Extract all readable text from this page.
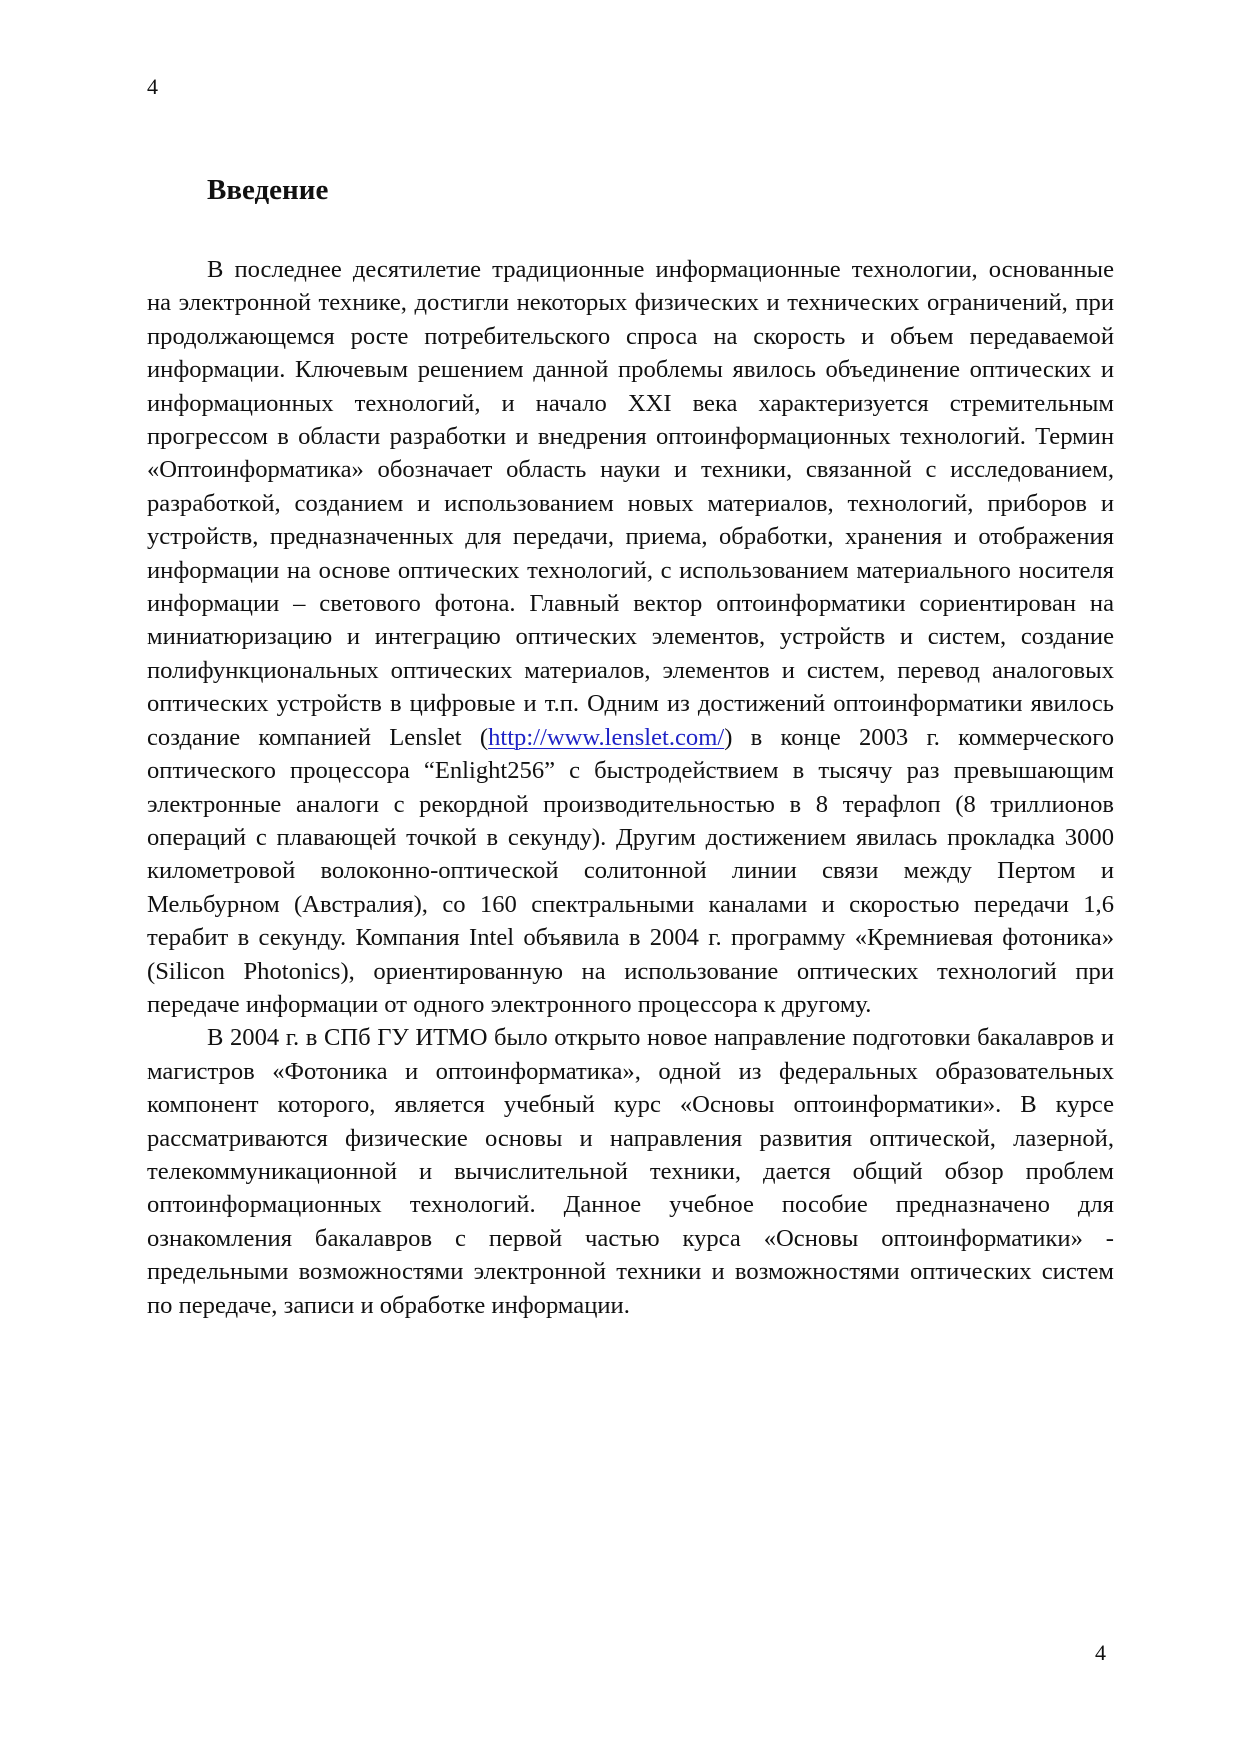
4
Введение

В последнее десятилетие традиционные информационные технологии, основанные на электронной технике, достигли некоторых физических и технических ограничений, при продолжающемся росте потребительского спроса на скорость и объем передаваемой информации. Ключевым решением данной проблемы явилось объединение оптических и информационных технологий, и начало XXI века характеризуется стремительным прогрессом в области разработки и внедрения оптоинформационных технологий. Термин «Оптоинформатика» обозначает область науки и техники, связанной с исследованием, разработкой, созданием и использованием новых материалов, технологий, приборов и устройств, предназначенных для передачи, приема, обработки, хранения и отображения информации на основе оптических технологий, с использованием материального носителя информации – светового фотона. Главный вектор оптоинформатики сориентирован на миниатюризацию и интеграцию оптических элементов, устройств и систем, создание полифункциональных оптических материалов, элементов и систем, перевод аналоговых оптических устройств в цифровые и т.п. Одним из достижений оптоинформатики явилось создание компанией Lenslet (http://www.lenslet.com/) в конце 2003 г. коммерческого оптического процессора “Enlight256” с быстродействием в тысячу раз превышающим электронные аналоги с рекордной производительностью в 8 терафлоп (8 триллионов операций с плавающей точкой в секунду). Другим достижением явилась прокладка 3000 километровой волоконно-оптической солитонной линии связи между Пертом и Мельбурном (Австралия), со 160 спектральными каналами и скоростью передачи 1,6 терабит в секунду. Компания Intel объявила в 2004 г. программу «Кремниевая фотоника» (Silicon Photonics), ориентированную на использование оптических технологий при передаче информации от одного электронного процессора к другому.

В 2004 г. в СПб ГУ ИТМО было открыто новое направление подготовки бакалавров и магистров «Фотоника и оптоинформатика», одной из федеральных образовательных компонент которого, является учебный курс «Основы оптоинформатики». В курсе рассматриваются физические основы и направления развития оптической, лазерной, телекоммуникационной и вычислительной техники, дается общий обзор проблем оптоинформационных технологий. Данное учебное пособие предназначено для ознакомления бакалавров с первой частью курса «Основы оптоинформатики» - предельными возможностями электронной техники и возможностями оптических систем по передаче, записи и обработке информации.

4
